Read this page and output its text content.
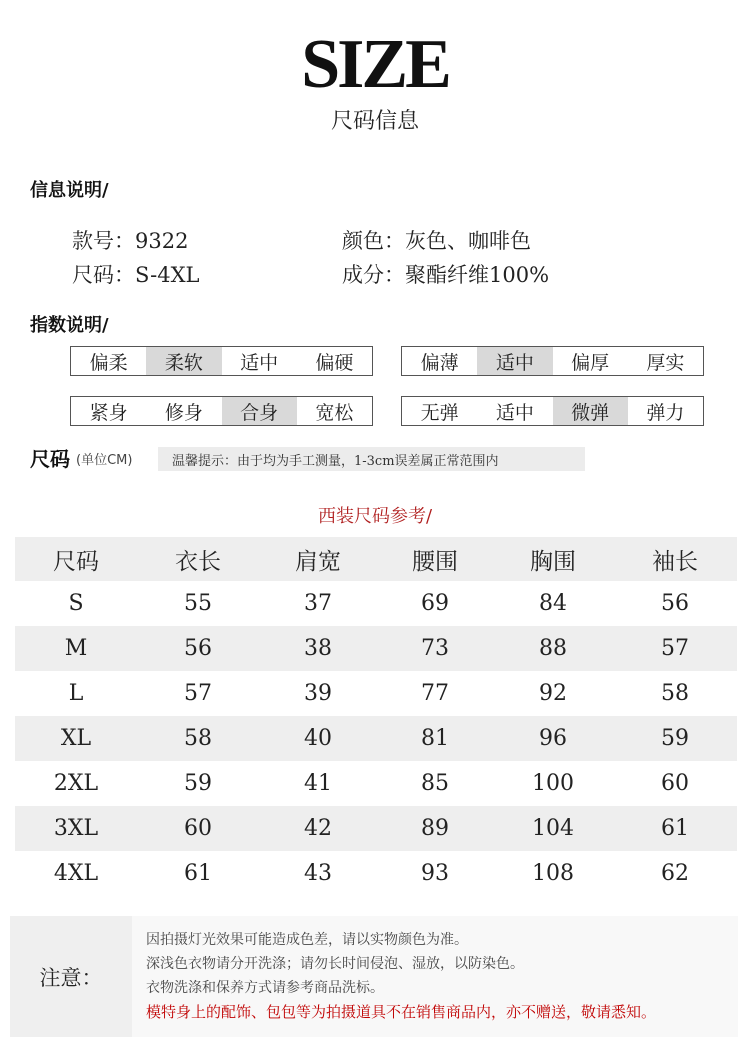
SIZE
尺码信息
信息说明/
款号：9322	颜色：灰色、咖啡色
尺码：S-4XL	成分：聚酯纤维100%
指数说明/
偏柔	柔软	适中	偏硬	偏薄	适中	偏厚	厚实
紧身	修身	合身	宽松	无弹	适中	微弹	弹力
尺码 (单位CM)	温馨提示：由于均为手工测量，1-3cm误差属正常范围内
西装尺码参考/
尺码	衣长	肩宽	腰围	胸围	袖长
S	55	37	69	84	56
M	56	38	73	88	57
L	57	39	77	92	58
XL	58	40	81	96	59
2XL	59	41	85	100	60
3XL	60	42	89	104	61
4XL	61	43	93	108	62
注意：
因拍摄灯光效果可能造成色差，请以实物颜色为准。
深浅色衣物请分开洗涤；请勿长时间侵泡、湿放，以防染色。
衣物洗涤和保养方式请参考商品洗标。
模特身上的配饰、包包等为拍摄道具不在销售商品内，亦不赠送，敬请悉知。
